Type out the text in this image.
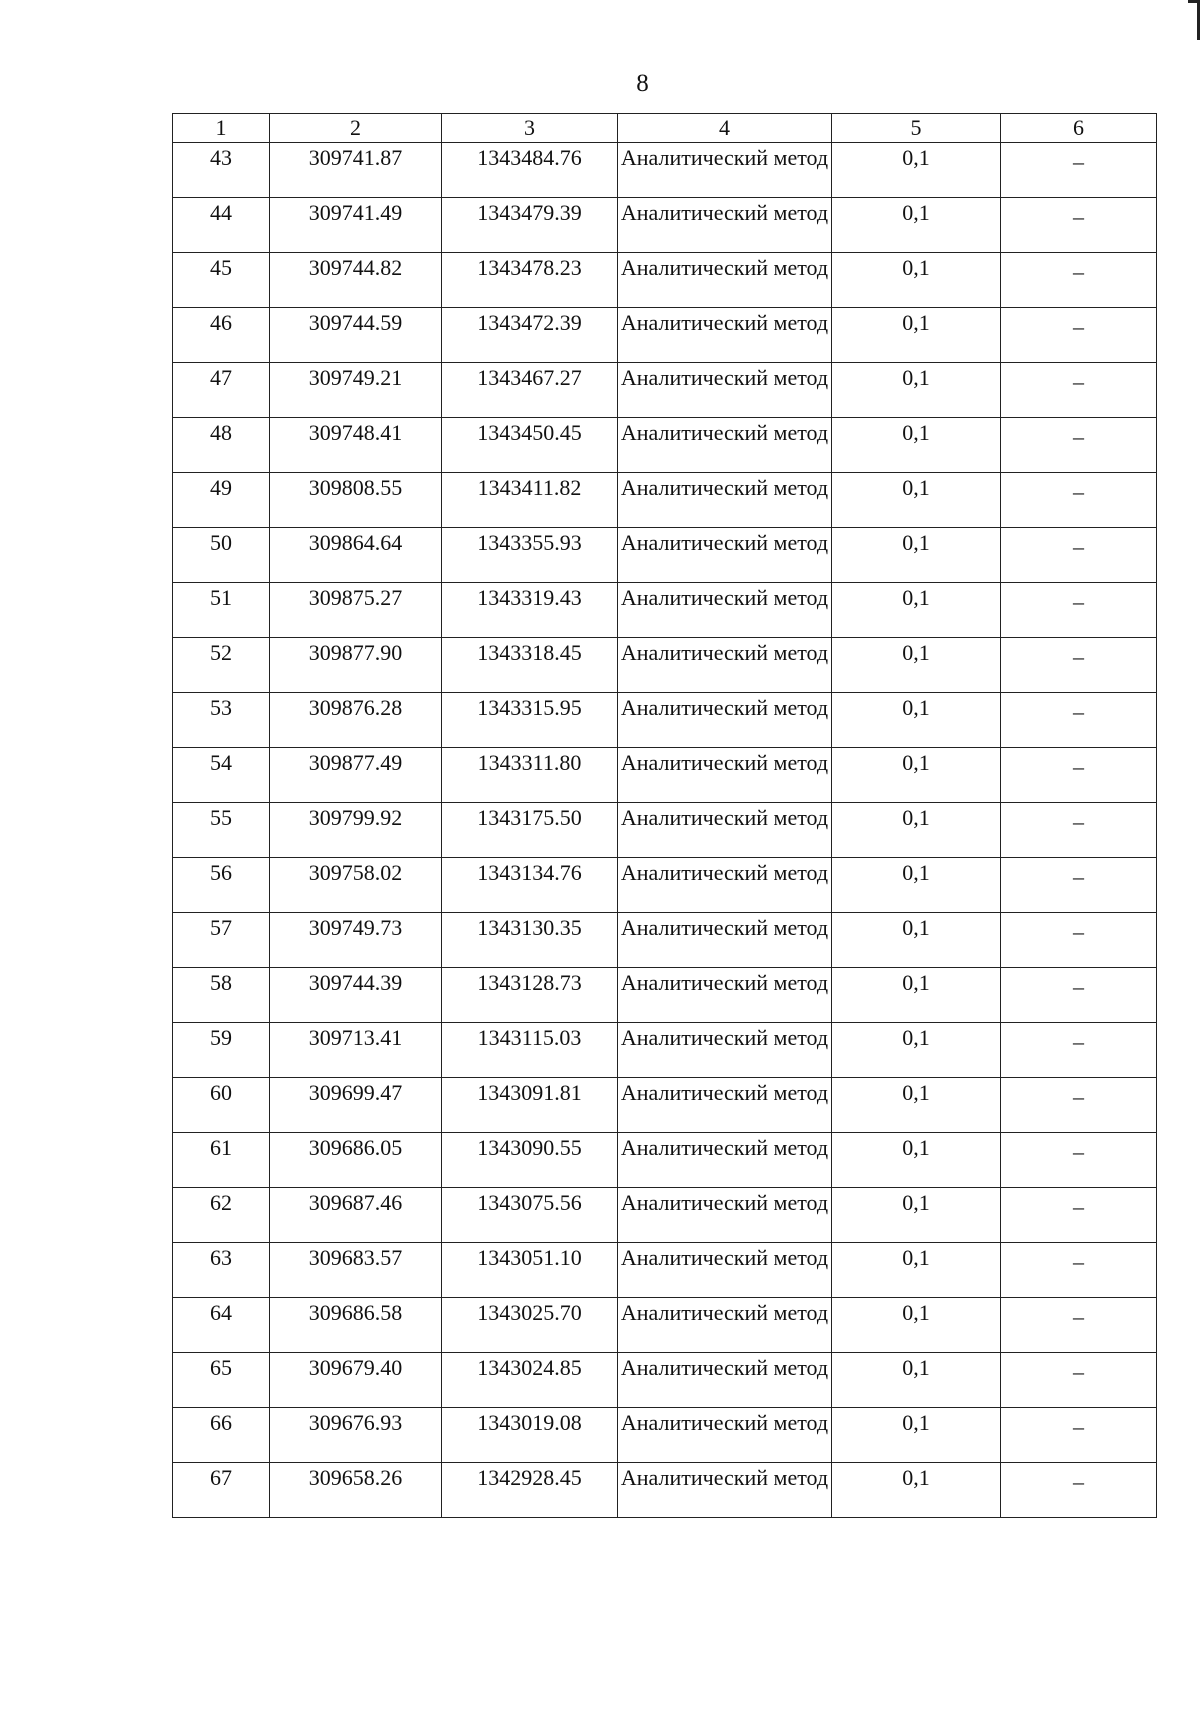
8
1	2	3	4	5	6
43	309741.87	1343484.76	Аналитический метод	0,1	–
44	309741.49	1343479.39	Аналитический метод	0,1	–
45	309744.82	1343478.23	Аналитический метод	0,1	–
46	309744.59	1343472.39	Аналитический метод	0,1	–
47	309749.21	1343467.27	Аналитический метод	0,1	–
48	309748.41	1343450.45	Аналитический метод	0,1	–
49	309808.55	1343411.82	Аналитический метод	0,1	–
50	309864.64	1343355.93	Аналитический метод	0,1	–
51	309875.27	1343319.43	Аналитический метод	0,1	–
52	309877.90	1343318.45	Аналитический метод	0,1	–
53	309876.28	1343315.95	Аналитический метод	0,1	–
54	309877.49	1343311.80	Аналитический метод	0,1	–
55	309799.92	1343175.50	Аналитический метод	0,1	–
56	309758.02	1343134.76	Аналитический метод	0,1	–
57	309749.73	1343130.35	Аналитический метод	0,1	–
58	309744.39	1343128.73	Аналитический метод	0,1	–
59	309713.41	1343115.03	Аналитический метод	0,1	–
60	309699.47	1343091.81	Аналитический метод	0,1	–
61	309686.05	1343090.55	Аналитический метод	0,1	–
62	309687.46	1343075.56	Аналитический метод	0,1	–
63	309683.57	1343051.10	Аналитический метод	0,1	–
64	309686.58	1343025.70	Аналитический метод	0,1	–
65	309679.40	1343024.85	Аналитический метод	0,1	–
66	309676.93	1343019.08	Аналитический метод	0,1	–
67	309658.26	1342928.45	Аналитический метод	0,1	–
